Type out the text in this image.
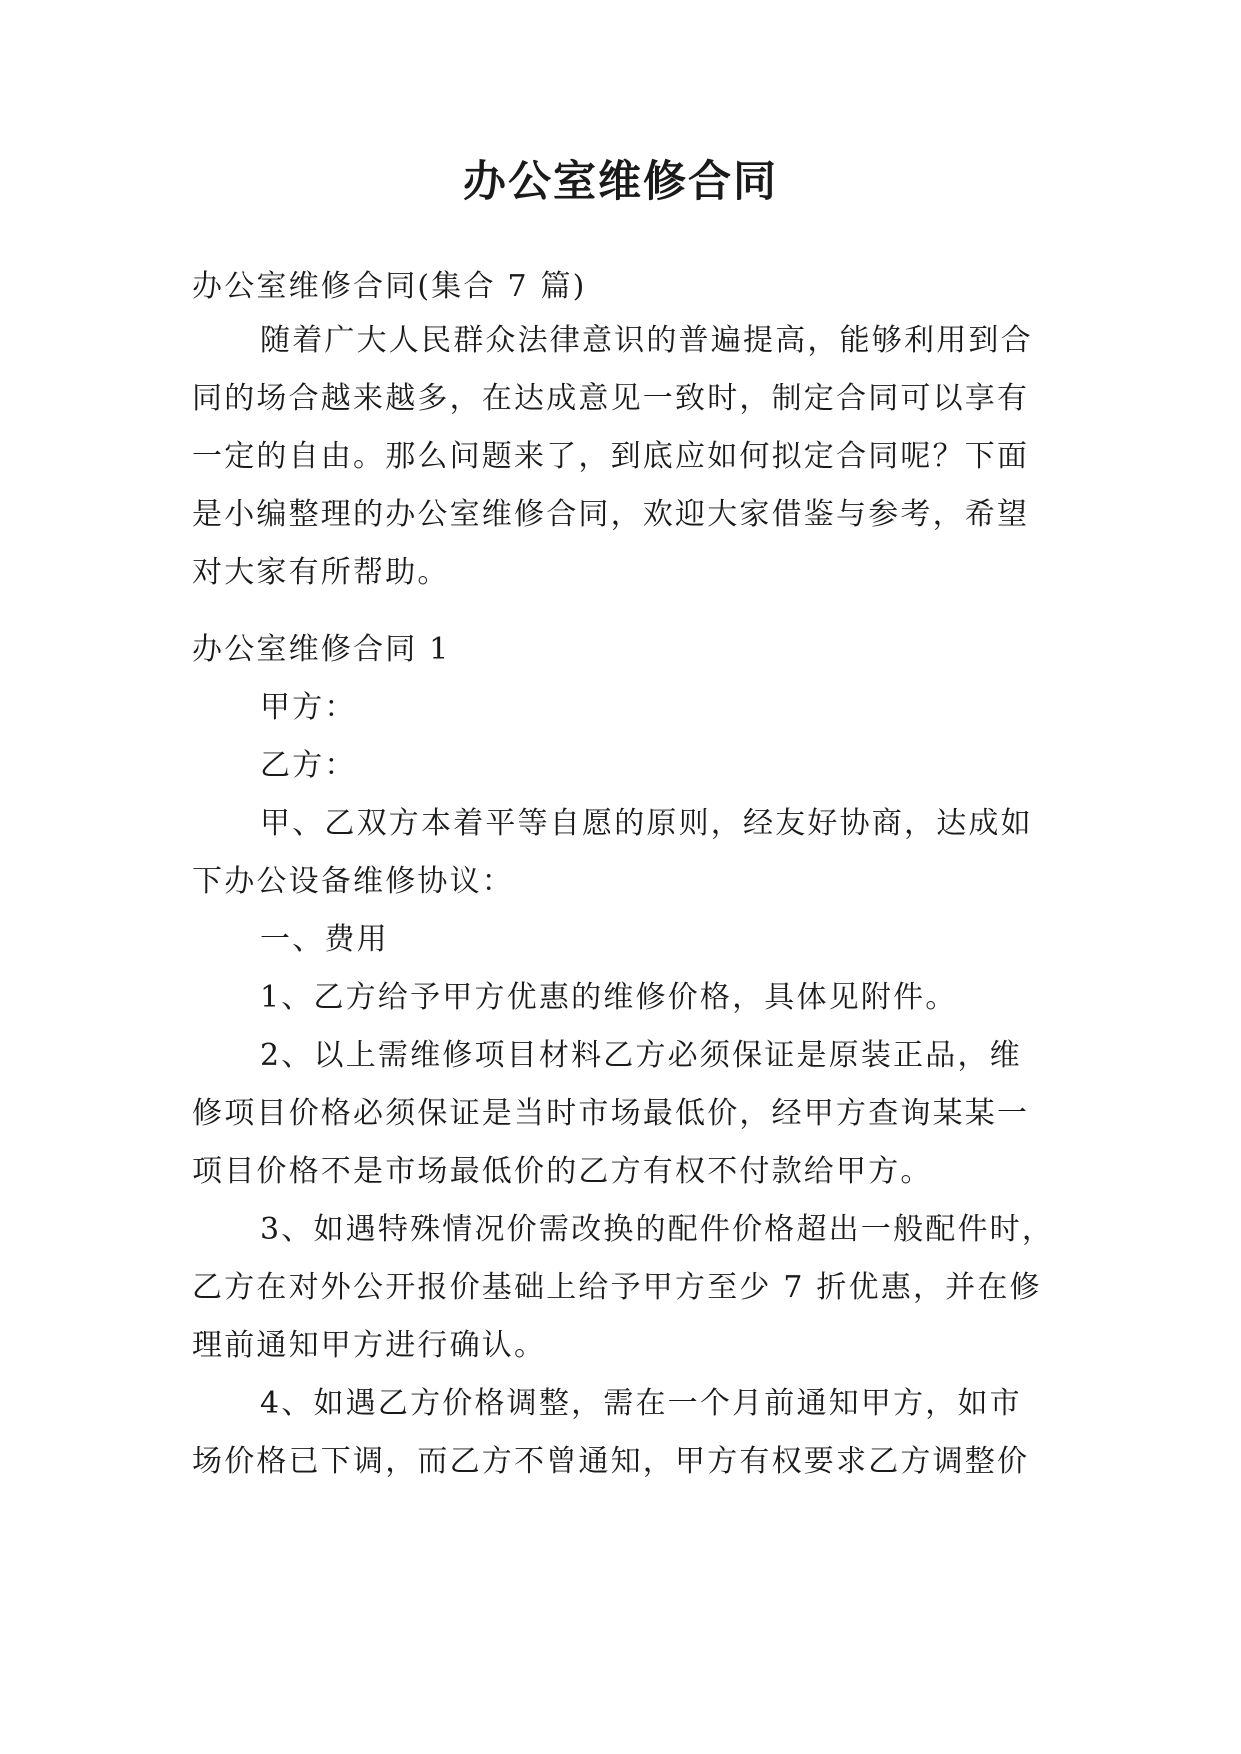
办公室维修合同
办公室维修合同(集合 7 篇)
随着广大人民群众法律意识的普遍提高，能够利用到合
同的场合越来越多，在达成意见一致时，制定合同可以享有
一定的自由。那么问题来了，到底应如何拟定合同呢？下面
是小编整理的办公室维修合同，欢迎大家借鉴与参考，希望
对大家有所帮助。
办公室维修合同 1
甲方：
乙方：
甲、乙双方本着平等自愿的原则，经友好协商，达成如
下办公设备维修协议：
一、费用
1、乙方给予甲方优惠的维修价格，具体见附件。
2、以上需维修项目材料乙方必须保证是原装正品，维
修项目价格必须保证是当时市场最低价，经甲方查询某某一
项目价格不是市场最低价的乙方有权不付款给甲方。
3、如遇特殊情况价需改换的配件价格超出一般配件时，
乙方在对外公开报价基础上给予甲方至少 7 折优惠，并在修
理前通知甲方进行确认。
4、如遇乙方价格调整，需在一个月前通知甲方，如市
场价格已下调，而乙方不曾通知，甲方有权要求乙方调整价
